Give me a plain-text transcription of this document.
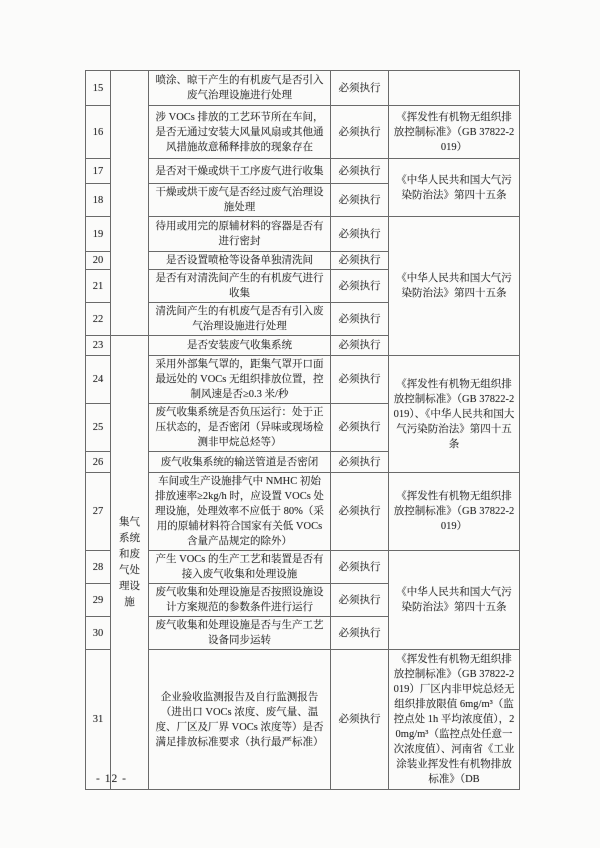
15		喷涂、晾干产生的有机废气是否引入废气治理设施进行处理	必须执行	
16		涉 VOCs 排放的工艺环节所在车间，是否无通过安装大风量风扇或其他通风措施故意稀释排放的现象存在	必须执行	《挥发性有机物无组织排放控制标准》（GB 37822-2019）
17		是否对干燥或烘干工序废气进行收集	必须执行	《中华人民共和国大气污染防治法》第四十五条
18		干燥或烘干废气是否经过废气治理设施处理	必须执行	
19		待用或用完的原辅材料的容器是否有进行密封	必须执行	《中华人民共和国大气污染防治法》第四十五条
20		是否设置喷枪等设备单独清洗间	必须执行	
21		是否有对清洗间产生的有机废气进行收集	必须执行	
22		清洗间产生的有机废气是否有引入废气治理设施进行处理	必须执行	
23	集气系统和废气处理设施	是否安装废气收集系统	必须执行	
24		采用外部集气罩的，距集气罩开口面最远处的 VOCs 无组织排放位置，控制风速是否≥0.3 米/秒	必须执行	《挥发性有机物无组织排放控制标准》（GB 37822-2019）、《中华人民共和国大气污染防治法》第四十五条
25		废气收集系统是否负压运行：处于正压状态的，是否密闭（异味或现场检测非甲烷总烃等）	必须执行	
26		废气收集系统的输送管道是否密闭	必须执行	
27		车间或生产设施排气中 NMHC 初始排放速率≥2kg/h 时，应设置 VOCs 处理设施，处理效率不应低于 80%（采用的原辅材料符合国家有关低 VOCs 含量产品规定的除外）	必须执行	《挥发性有机物无组织排放控制标准》（GB 37822-2019）
28		产生 VOCs 的生产工艺和装置是否有接入废气收集和处理设施	必须执行	《中华人民共和国大气污染防治法》第四十五条
29		废气收集和处理设施是否按照设施设计方案规范的参数条件进行运行	必须执行	
30		废气收集和处理设施是否与生产工艺设备同步运转	必须执行	
31		企业验收监测报告及自行监测报告（进出口 VOCs 浓度、废气量、温度、厂区及厂界 VOCs 浓度等）是否满足排放标准要求（执行最严标准）	必须执行	《挥发性有机物无组织排放控制标准》（GB 37822-2019）厂区内非甲烷总烃无组织排放限值 6mg/m³（监控点处 1h 平均浓度值），20mg/m³（监控点处任意一次浓度值）、河南省《工业涂装业挥发性有机物排放标准》（DB
- 12 -
